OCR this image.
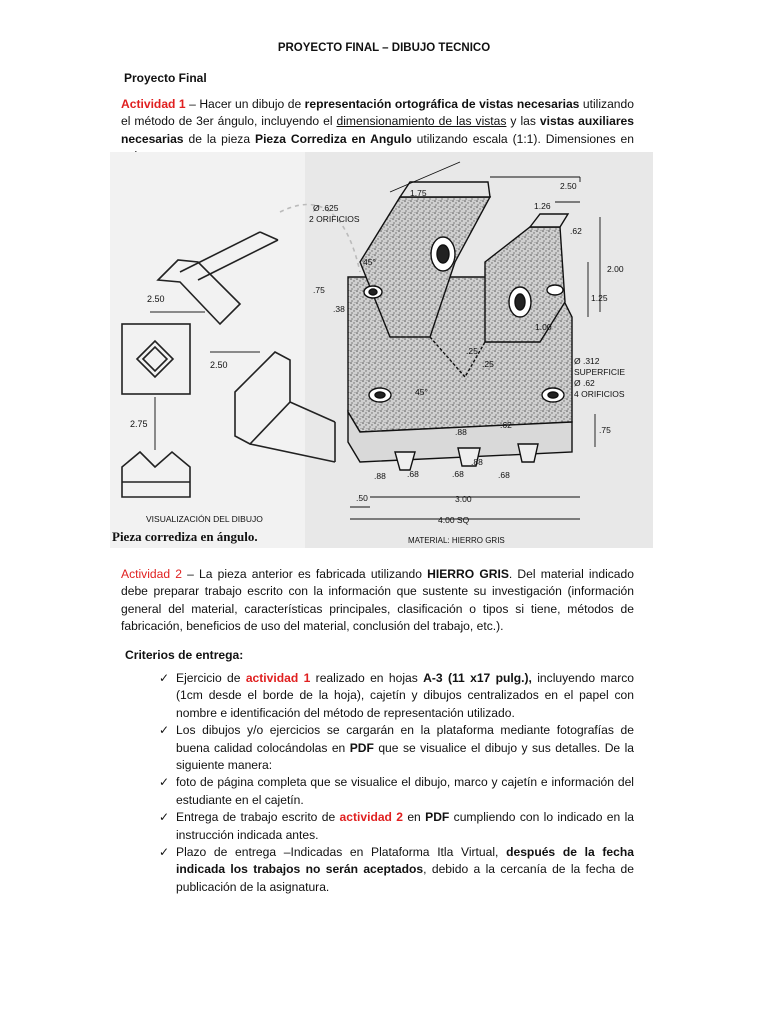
PROYECTO FINAL – DIBUJO TECNICO
Proyecto Final
Actividad 1 – Hacer un dibujo de representación ortográfica de vistas necesarias utilizando el método de 3er ángulo, incluyendo el dimensionamiento de las vistas y las vistas auxiliares necesarias de la pieza Pieza Corrediza en Angulo utilizando escala (1:1). Dimensiones en
2.50
2.50
2.75
VISUALIZACIÓN DEL DIBUJO
Pieza corrediza en ángulo.
1.75
2.50
1.26
.62
2.00
1.25
Ø .625
2 ORIFICIOS
45°
.75
.38
.25
.25
1.00
45°
.88
.62
Ø .312
SUPERFICIE
Ø .62
4 ORIFICIOS
.75
.88 .68	.68	.68
.88
.50	3.00
4.00 SQ
MATERIAL: HIERRO GRIS
Actividad 2 – La pieza anterior es fabricada utilizando HIERRO GRIS. Del material indicado debe preparar trabajo escrito con la información que sustente su investigación (información general del material, características principales, clasificación o tipos si tiene, métodos de fabricación, beneficios de uso del material, conclusión del trabajo, etc.).
Criterios de entrega:
✓ Ejercicio de actividad 1 realizado en hojas A-3 (11 x17 pulg.), incluyendo marco (1cm desde el borde de la hoja), cajetín y dibujos centralizados en el papel con nombre e identificación del método de representación utilizado.
✓ Los dibujos y/o ejercicios se cargarán en la plataforma mediante fotografías de buena calidad colocándolas en PDF que se visualice el dibujo y sus detalles. De la siguiente manera:
✓ foto de página completa que se visualice el dibujo, marco y cajetín e información del estudiante en el cajetín.
✓ Entrega de trabajo escrito de actividad 2 en PDF cumpliendo con lo indicado en la instrucción indicada antes.
✓ Plazo de entrega –Indicadas en Plataforma Itla Virtual, después de la fecha indicada los trabajos no serán aceptados, debido a la cercanía de la fecha de publicación de la asignatura.
